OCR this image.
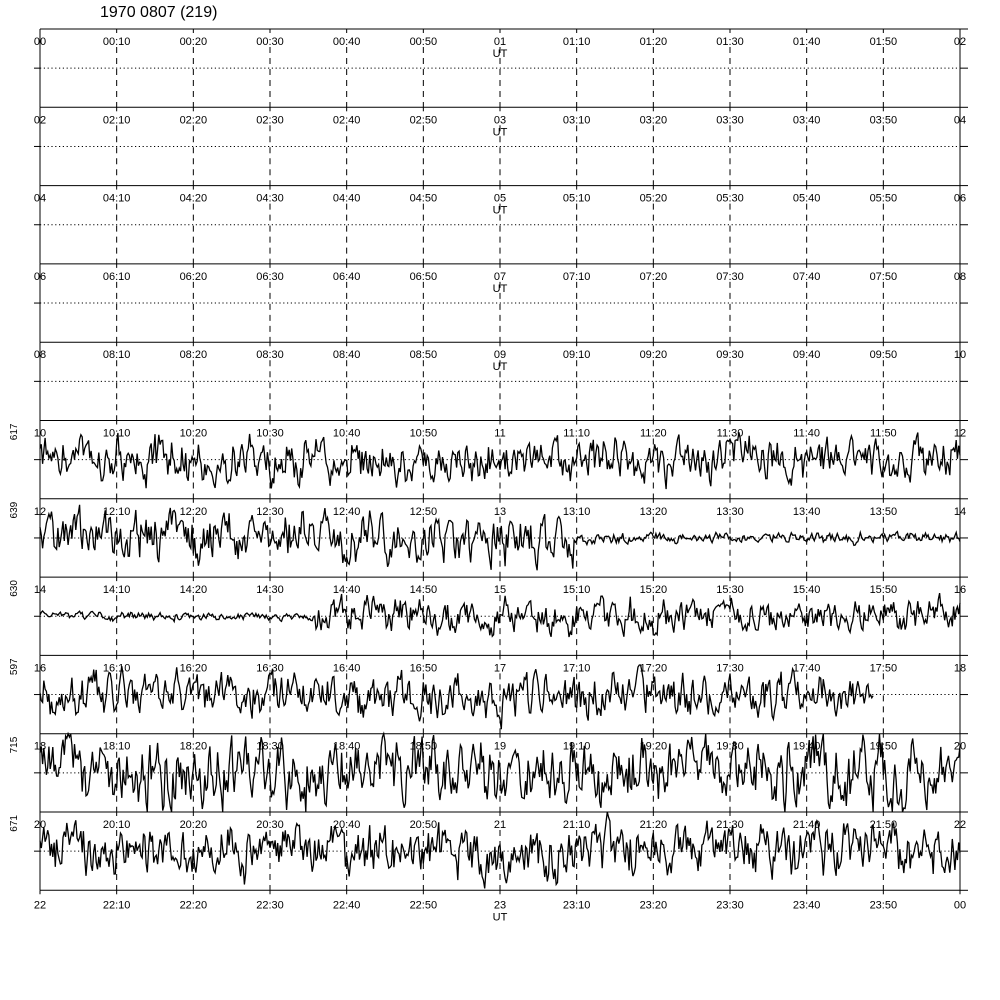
1970 0807 (219)
00	00:10	00:20	00:30	00:40	00:50	01	01:10	01:20	01:30	01:40	01:50	02
UT
02	02:10	02:20	02:30	02:40	02:50	03	03:10	03:20	03:30	03:40	03:50	04
UT
04	04:10	04:20	04:30	04:40	04:50	05	05:10	05:20	05:30	05:40	05:50	06
UT
06	06:10	06:20	06:30	06:40	06:50	07	07:10	07:20	07:30	07:40	07:50	08
UT
08	08:10	08:20	08:30	08:40	08:50	09	09:10	09:20	09:30	09:40	09:50	10
UT
617 10	10:10	10:20	10:30	10:40	10:50	11	11:10	11:20	11:30	11:40	11:50	12
639 12	12:10	12:20	12:30	12:40	12:50	13	13:10	13:20	13:30	13:40	13:50	14
630 14	14:10	14:20	14:30	14:40	14:50	15	15:10	15:20	15:30	15:40	15:50	16
597 16	16:10	16:20	16:30	16:40	16:50	17	17:10	17:20	17:30	17:40	17:50	18
715 18	18:10	18:20	18:30	18:40	18:50	19	19:10	19:20	19:30	19:40	19:50	20
671 20	20:10	20:20	20:30	20:40	20:50	21	21:10	21:20	21:30	21:40	21:50	22
22	22:10	22:20	22:30	22:40	22:50	23	23:10	23:20	23:30	23:40	23:50	00
UT
